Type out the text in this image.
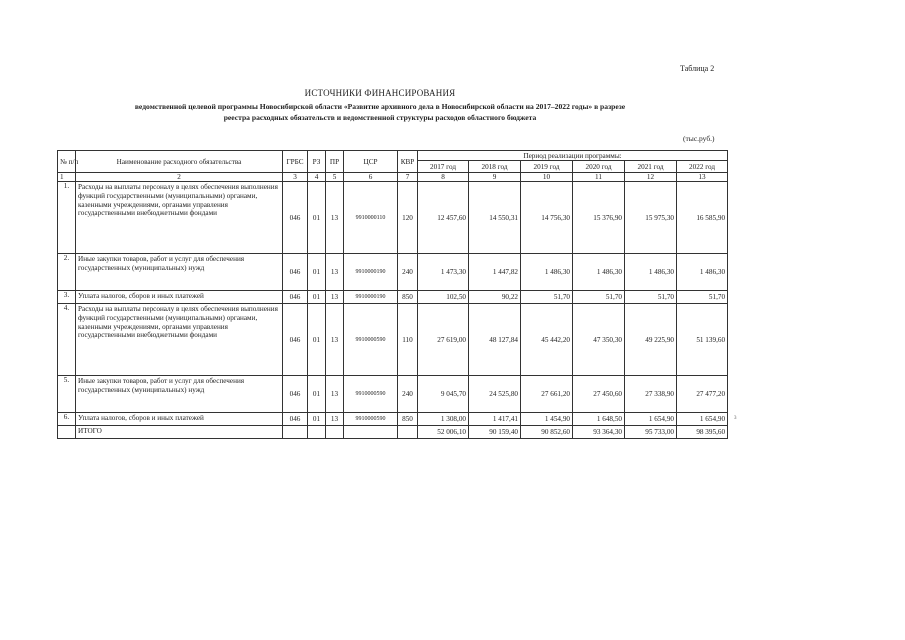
Таблица 2
ИСТОЧНИКИ ФИНАНСИРОВАНИЯ
ведомственной целевой программы Новосибирской области «Развитие архивного дела в Новосибирской области на 2017–2022 годы» в разрезе
реестра расходных обязательств и ведомственной структуры расходов областного бюджета
(тыс.руб.)
№ п/п	Наименование расходного обязательства	ГРБС	РЗ	ПР	ЦСР	КВР	Период реализации программы:					
							2017 год	2018 год	2019 год	2020 год	2021 год	2022 год
1	2	3	4	5	6	7	8	9	10	11	12	13
1.	Расходы на выплаты персоналу в целях обеспечения выполнения функций государственными (муниципальными) органами, казенными учреждениями, органами управления государственными внебюджетными фондами	046	01	13	9910000110	120	12 457,60	14 550,31	14 756,30	15 376,90	15 975,30	16 585,90
2.	Иные закупки товаров, работ и услуг для обеспечения государственных (муниципальных) нужд	046	01	13	9910000190	240	1 473,30	1 447,82	1 486,30	1 486,30	1 486,30	1 486,30
3.	Уплата налогов, сборов и иных платежей	046	01	13	9910000190	850	102,50	90,22	51,70	51,70	51,70	51,70
4.	Расходы на выплаты персоналу в целях обеспечения выполнения функций государственными (муниципальными) органами, казенными учреждениями, органами управления государственными внебюджетными фондами	046	01	13	9910000590	110	27 619,00	48 127,84	45 442,20	47 350,30	49 225,90	51 139,60
5.	Иные закупки товаров, работ и услуг для обеспечения государственных (муниципальных) нужд	046	01	13	9910000590	240	9 045,70	24 525,80	27 661,20	27 450,60	27 338,90	27 477,20
6.	Уплата налогов, сборов и иных платежей	046	01	13	9910000590	850	1 308,00	1 417,41	1 454,90	1 648,50	1 654,90	1 654,90
	ИТОГО						52 006,10	90 159,40	90 852,60	93 364,30	95 733,00	98 395,60
3
